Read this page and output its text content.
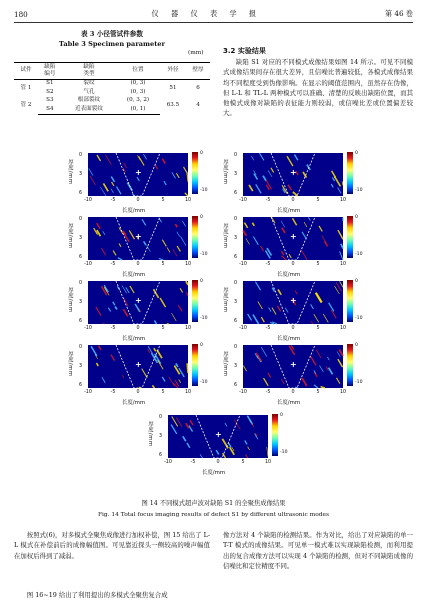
180	仪 器 仪 表 学 报	第 46 卷
表 3 小径管试件参数
Table 3 Specimen parameter
(mm)
试件	缺陷
编号	缺陷
类型	位置	外径	壁厚
管 1	S1	裂纹	(0, 3)	51	6
	S2	气孔	(0, 3)		
管 2	S3	根部裂纹	(0, 3, 2)	63.5	4
	S4	近表面裂纹	(0, 1)		
3.2 实验结果
缺陷 S1 对应的不同模式成像结果如图 14 所示。可见不同模式成像结果间存在很大差异，且信噪比普遍较低，各模式成像结果均不同程度受到伪像影响。在显示的阈值范围内，虽然存在伪像，但 L-L 和 TL-L 两种模式可以准确、清楚的反映出缺陷位置，而其他模式成像对缺陷的表征能力则较弱，或信噪比差或位置偏差较大。
厚度/mm
0
3
6
+
0
-10
-10	-5	0	5	10
长度/mm
厚度/mm
0
3
6
+
0
-10
-10	-5	0	5	10
长度/mm
厚度/mm
0
3
6
+
0
-10
-10	-5	0	5	10
长度/mm
厚度/mm
0
3
6
+
0
-10
-10	-5	0	5	10
长度/mm
厚度/mm
0
3
6
+
0
-10
-10	-5	0	5	10
长度/mm
厚度/mm
0
3
6
+
0
-10
-10	-5	0	5	10
长度/mm
厚度/mm
0
3
6
+
0
-10
-10	-5	0	5	10
长度/mm
厚度/mm
0
3
6
+
0
-10
-10	-5	0	5	10
长度/mm
厚度/mm
0
3
6
+
0
-10
-10	-5	0	5	10
长度/mm
图 14 不同模式超声波对缺陷 S1 的全聚焦成像结果
Fig. 14 Total focus imaging results of defect S1 by different ultrasonic modes
按照式(6)，对多模式全聚焦成像进行加权补偿，图 15 给出了 L-L 模式在补偿前后的成像幅值图。可见靠近探头一侧较高的噪声幅值在加权后得到了减弱。
图 16~19 给出了利用提出的多模式全聚焦复合成
像方法对 4 个缺陷的检测结果。作为对比，给出了对应缺陷的单一 T-T 模式的成像结果。可见单一模式难以实现缺陷检测，而利用提出的复合成像方法可以实现 4 个缺陷的检测，但对不同缺陷成像的信噪比和定位精度不同。
